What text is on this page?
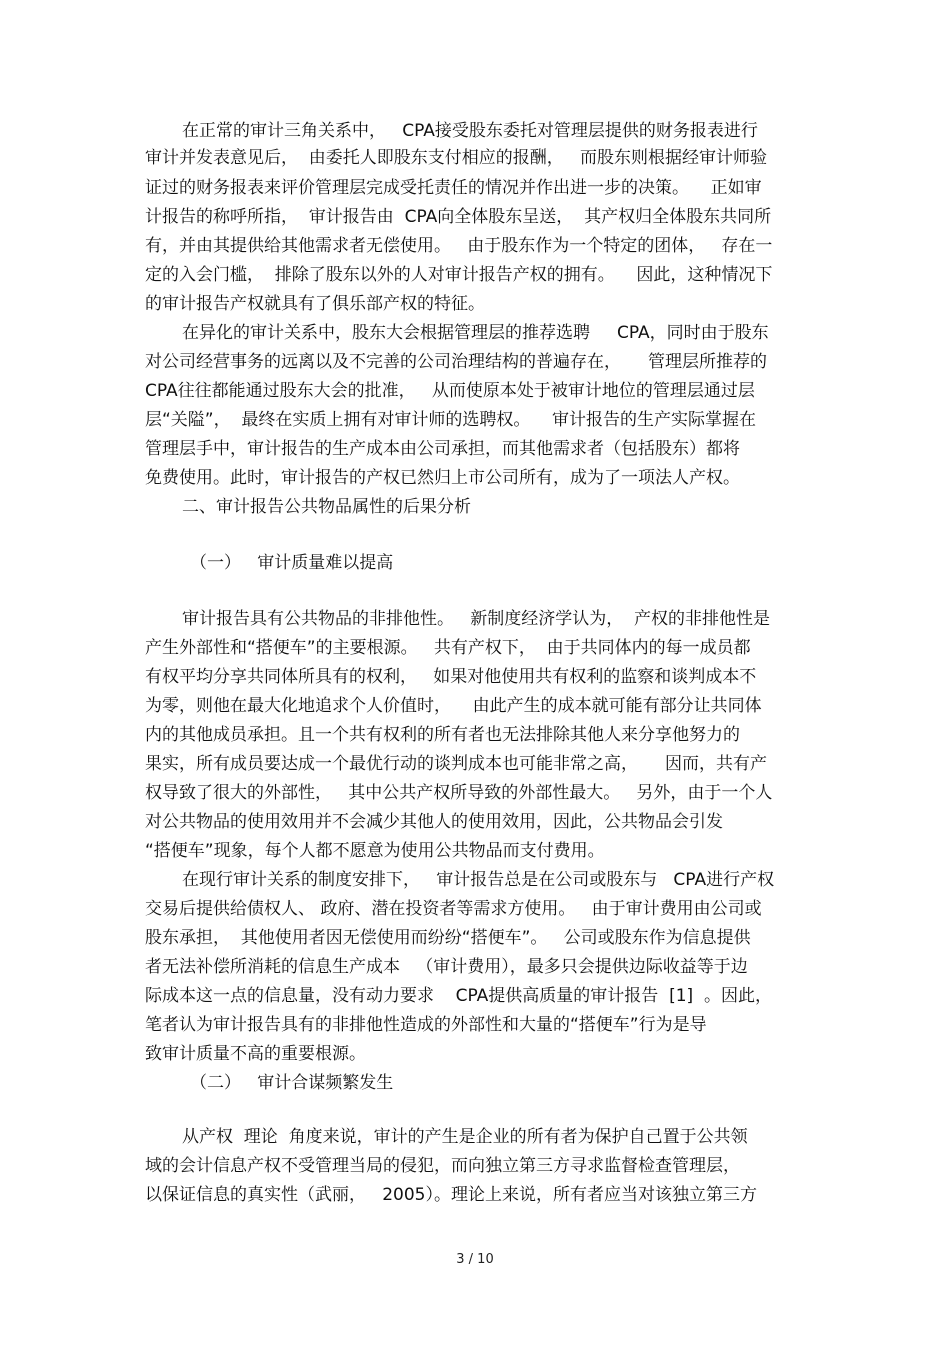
在正常的审计三角关系中，   CPA接受股东委托对管理层提供的财务报表进行
审计并发表意见后，  由委托人即股东支付相应的报酬，   而股东则根据经审计师验
证过的财务报表来评价管理层完成受托责任的情况并作出进一步的决策。    正如审
计报告的称呼所指，  审计报告由  CPA向全体股东呈送，  其产权归全体股东共同所
有，并由其提供给其他需求者无偿使用。   由于股东作为一个特定的团体，   存在一
定的入会门槛，  排除了股东以外的人对审计报告产权的拥有。    因此，这种情况下
的审计报告产权就具有了俱乐部产权的特征。
在异化的审计关系中，股东大会根据管理层的推荐选聘     CPA，同时由于股东
对公司经营事务的远离以及不完善的公司治理结构的普遍存在，     管理层所推荐的
CPA往往都能通过股东大会的批准，   从而使原本处于被审计地位的管理层通过层
层“关隘”，  最终在实质上拥有对审计师的选聘权。    审计报告的生产实际掌握在
管理层手中，审计报告的生产成本由公司承担，而其他需求者（包括股东）都将
免费使用。此时，审计报告的产权已然归上市公司所有，成为了一项法人产权。
二、审计报告公共物品属性的后果分析
（一）   审计质量难以提高
审计报告具有公共物品的非排他性。   新制度经济学认为，  产权的非排他性是
产生外部性和“搭便车”的主要根源。   共有产权下，  由于共同体内的每一成员都
有权平均分享共同体所具有的权利，   如果对他使用共有权利的监察和谈判成本不
为零，则他在最大化地追求个人价值时，    由此产生的成本就可能有部分让共同体
内的其他成员承担。且一个共有权利的所有者也无法排除其他人来分享他努力的
果实，所有成员要达成一个最优行动的谈判成本也可能非常之高，     因而，共有产
权导致了很大的外部性，   其中公共产权所导致的外部性最大。   另外，由于一个人
对公共物品的使用效用并不会减少其他人的使用效用，因此，公共物品会引发
“搭便车”现象，每个人都不愿意为使用公共物品而支付费用。
在现行审计关系的制度安排下，   审计报告总是在公司或股东与   CPA进行产权
交易后提供给债权人、 政府、潜在投资者等需求方使用。   由于审计费用由公司或
股东承担，  其他使用者因无偿使用而纷纷“搭便车”。   公司或股东作为信息提供
者无法补偿所消耗的信息生产成本   （审计费用），最多只会提供边际收益等于边
际成本这一点的信息量，没有动力要求    CPA提供高质量的审计报告  [1]  。因此，
笔者认为审计报告具有的非排他性造成的外部性和大量的“搭便车”行为是导
致审计质量不高的重要根源。
（二）   审计合谋频繁发生
从产权  理论  角度来说，审计的产生是企业的所有者为保护自己置于公共领
域的会计信息产权不受管理当局的侵犯，而向独立第三方寻求监督检查管理层，
以保证信息的真实性（武丽，   2005）。理论上来说，所有者应当对该独立第三方
3 / 10
